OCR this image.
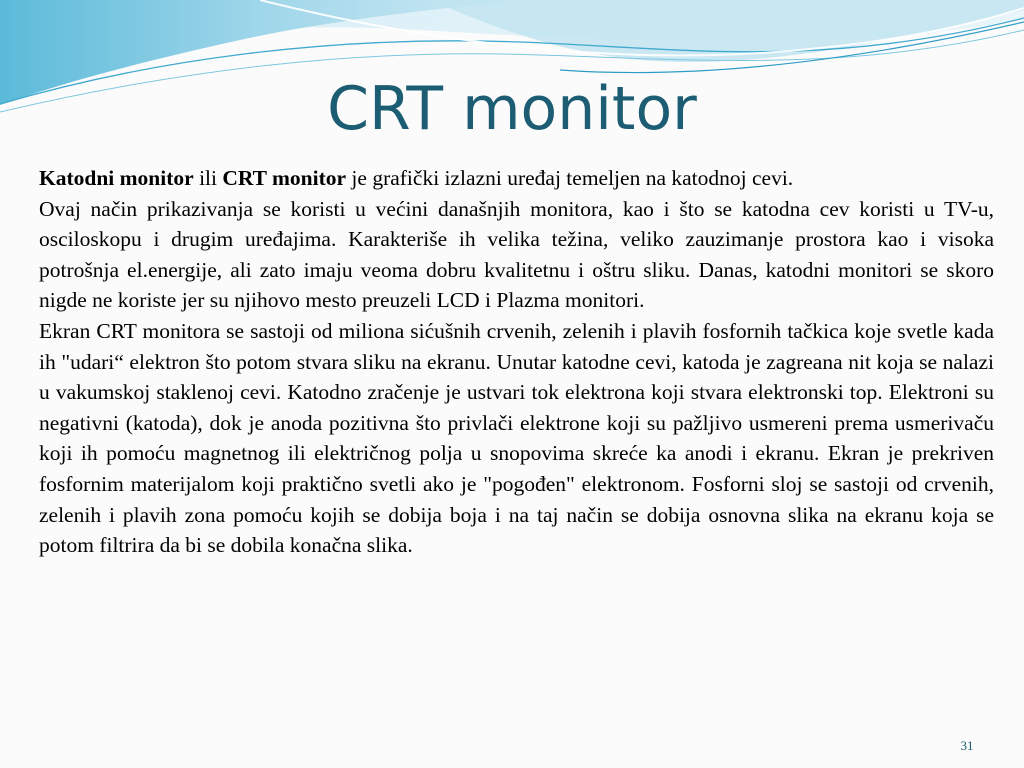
CRT monitor

Katodni monitor ili CRT monitor je grafički izlazni uređaj temeljen na katodnoj cevi.

Ovaj način prikazivanja se koristi u većini današnjih monitora, kao i što se katodna cev koristi u TV-u, osciloskopu i drugim uređajima. Karakteriše ih velika težina, veliko zauzimanje prostora kao i visoka potrošnja el.energije, ali zato imaju veoma dobru kvalitetnu i oštru sliku. Danas, katodni monitori se skoro nigde ne koriste jer su njihovo mesto preuzeli LCD i Plazma monitori.

Ekran CRT monitora se sastoji od miliona sićušnih crvenih, zelenih i plavih fosfornih tačkica koje svetle kada ih "udari“ elektron što potom stvara sliku na ekranu. Unutar katodne cevi, katoda je zagreana nit koja se nalazi u vakumskoj staklenoj cevi. Katodno zračenje je ustvari tok elektrona koji stvara elektronski top. Elektroni su negativni (katoda), dok je anoda pozitivna što privlači elektrone koji su pažljivo usmereni prema usmerivaču koji ih pomoću magnetnog ili električnog polja u snopovima skreće ka anodi i ekranu. Ekran je prekriven fosfornim materijalom koji praktično svetli ako je "pogođen" elektronom. Fosforni sloj se sastoji od crvenih, zelenih i plavih zona pomoću kojih se dobija boja i na taj način se dobija osnovna slika na ekranu koja se potom filtrira da bi se dobila konačna slika.

31
